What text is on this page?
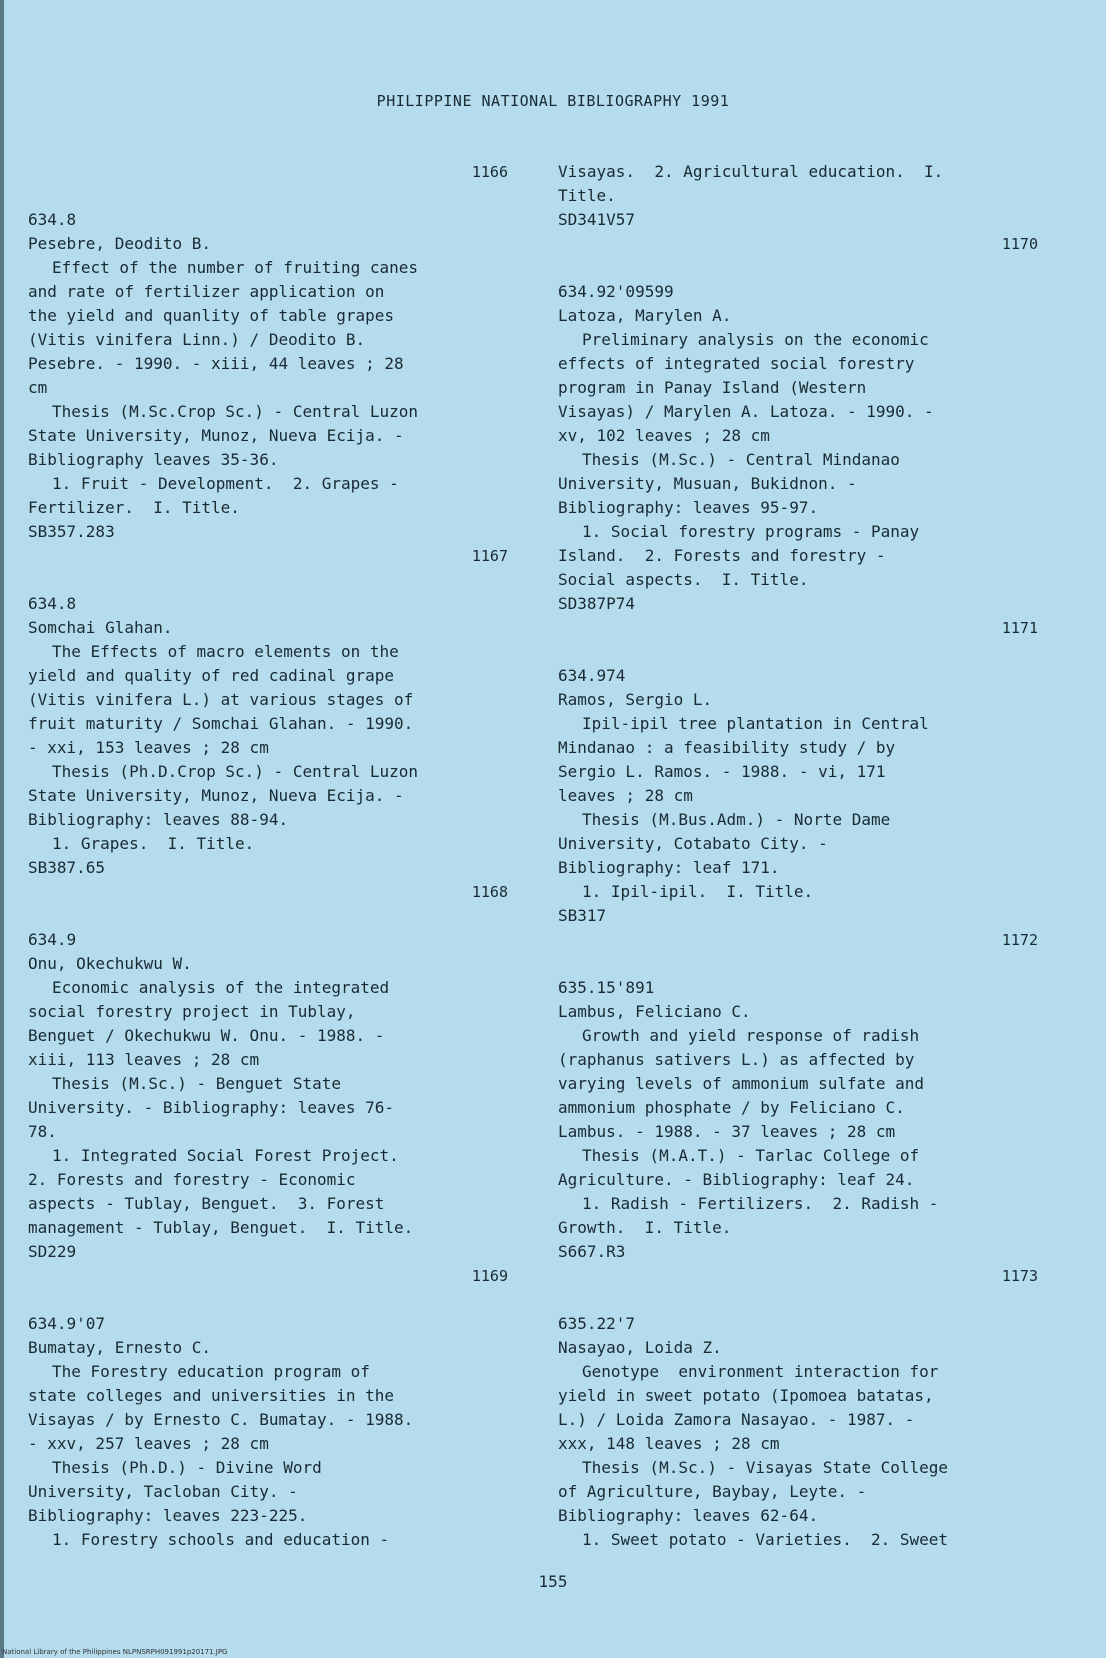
PHILIPPINE NATIONAL BIBLIOGRAPHY 1991
1166
634.8
Pesebre, Deodito B.
Effect of the number of fruiting canes
and rate of fertilizer application on
the yield and quanlity of table grapes
(Vitis vinifera Linn.) / Deodito B.
Pesebre. - 1990. - xiii, 44 leaves ; 28
cm
Thesis (M.Sc.Crop Sc.) - Central Luzon
State University, Munoz, Nueva Ecija. -
Bibliography leaves 35-36.
1. Fruit - Development.  2. Grapes -
Fertilizer.  I. Title.
SB357.283
1167
634.8
Somchai Glahan.
The Effects of macro elements on the
yield and quality of red cadinal grape
(Vitis vinifera L.) at various stages of
fruit maturity / Somchai Glahan. - 1990.
- xxi, 153 leaves ; 28 cm
Thesis (Ph.D.Crop Sc.) - Central Luzon
State University, Munoz, Nueva Ecija. -
Bibliography: leaves 88-94.
1. Grapes.  I. Title.
SB387.65
1168
634.9
Onu, Okechukwu W.
Economic analysis of the integrated
social forestry project in Tublay,
Benguet / Okechukwu W. Onu. - 1988. -
xiii, 113 leaves ; 28 cm
Thesis (M.Sc.) - Benguet State
University. - Bibliography: leaves 76-
78.
1. Integrated Social Forest Project.
2. Forests and forestry - Economic
aspects - Tublay, Benguet.  3. Forest
management - Tublay, Benguet.  I. Title.
SD229
1169
634.9'07
Bumatay, Ernesto C.
The Forestry education program of
state colleges and universities in the
Visayas / by Ernesto C. Bumatay. - 1988.
- xxv, 257 leaves ; 28 cm
Thesis (Ph.D.) - Divine Word
University, Tacloban City. -
Bibliography: leaves 223-225.
1. Forestry schools and education -
Visayas.  2. Agricultural education.  I.
Title.
SD341V57
1170
634.92'09599
Latoza, Marylen A.
Preliminary analysis on the economic
effects of integrated social forestry
program in Panay Island (Western
Visayas) / Marylen A. Latoza. - 1990. -
xv, 102 leaves ; 28 cm
Thesis (M.Sc.) - Central Mindanao
University, Musuan, Bukidnon. -
Bibliography: leaves 95-97.
1. Social forestry programs - Panay
Island.  2. Forests and forestry -
Social aspects.  I. Title.
SD387P74
1171
634.974
Ramos, Sergio L.
Ipil-ipil tree plantation in Central
Mindanao : a feasibility study / by
Sergio L. Ramos. - 1988. - vi, 171
leaves ; 28 cm
Thesis (M.Bus.Adm.) - Norte Dame
University, Cotabato City. -
Bibliography: leaf 171.
1. Ipil-ipil.  I. Title.
SB317
1172
635.15'891
Lambus, Feliciano C.
Growth and yield response of radish
(raphanus sativers L.) as affected by
varying levels of ammonium sulfate and
ammonium phosphate / by Feliciano C.
Lambus. - 1988. - 37 leaves ; 28 cm
Thesis (M.A.T.) - Tarlac College of
Agriculture. - Bibliography: leaf 24.
1. Radish - Fertilizers.  2. Radish -
Growth.  I. Title.
S667.R3
1173
635.22'7
Nasayao, Loida Z.
Genotype  environment interaction for
yield in sweet potato (Ipomoea batatas,
L.) / Loida Zamora Nasayao. - 1987. -
xxx, 148 leaves ; 28 cm
Thesis (M.Sc.) - Visayas State College
of Agriculture, Baybay, Leyte. -
Bibliography: leaves 62-64.
1. Sweet potato - Varieties.  2. Sweet
155
National Library of the Philippines NLPNSRPH091991p20171.JPG
